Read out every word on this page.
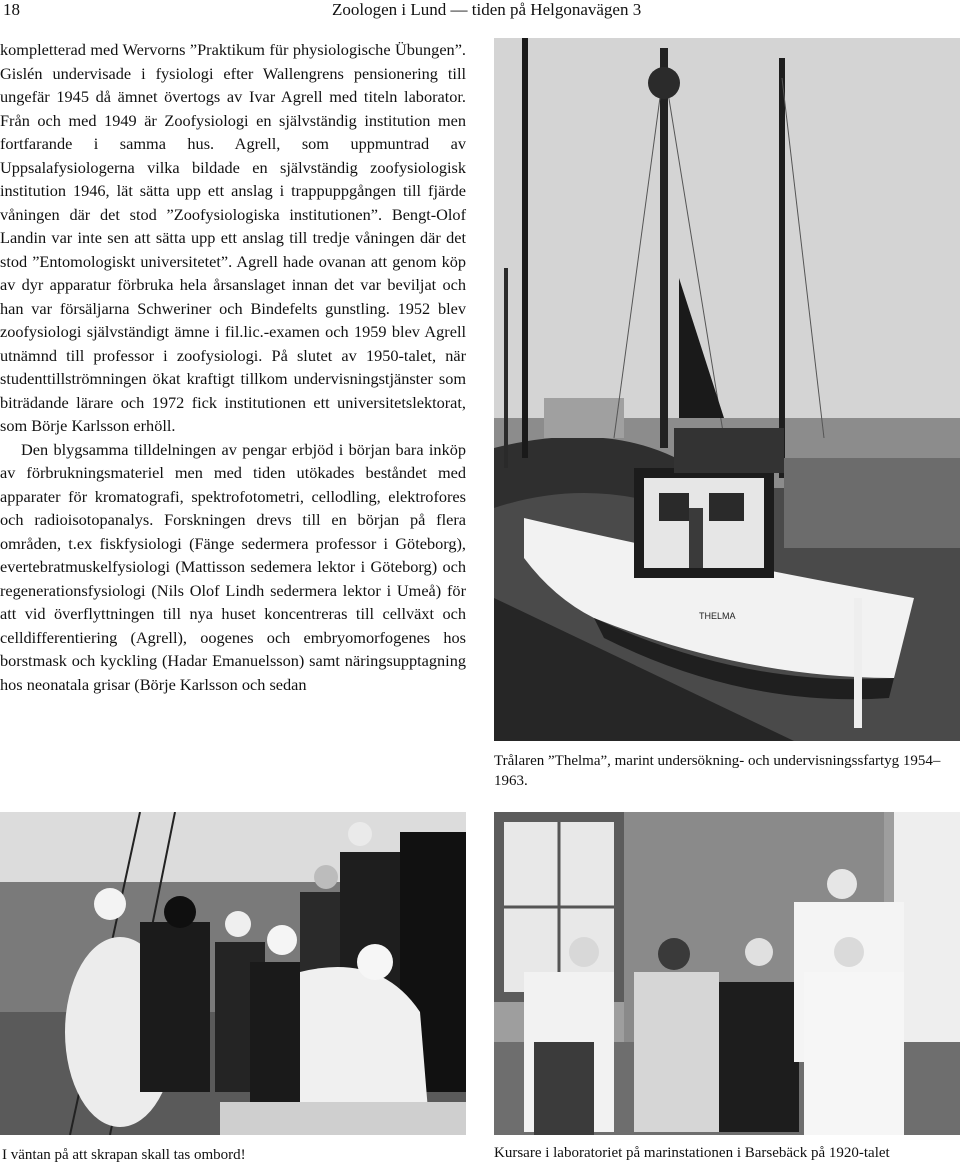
18	Zoologen i Lund — tiden på Helgonavägen 3

kompletterad med Wervorns ”Praktikum für physiologische Übungen”. Gislén undervisade i fysiologi efter Wallengrens pensionering till ungefär 1945 då ämnet övertogs av Ivar Agrell med titeln laborator. Från och med 1949 är Zoofysiologi en självständig institution men fortfarande i samma hus. Agrell, som uppmuntrad av Uppsalafysiologerna vilka bildade en självständig zoofysiologisk institution 1946, lät sätta upp ett anslag i trappuppgången till fjärde våningen där det stod ”Zoofysiologiska institutionen”. Bengt-Olof Landin var inte sen att sätta upp ett anslag till tredje våningen där det stod ”Entomologiskt universitetet”. Agrell hade ovanan att genom köp av dyr apparatur förbruka hela årsanslaget innan det var beviljat och han var försäljarna Schweriner och Bindefelts gunstling. 1952 blev zoofysiologi självständigt ämne i fil.lic.-examen och 1959 blev Agrell utnämnd till professor i zoofysiologi. På slutet av 1950-talet, när studenttillströmningen ökat kraftigt tillkom undervisningstjänster som biträdande lärare och 1972 fick institutionen ett universitetslektorat, som Börje Karlsson erhöll.

Den blygsamma tilldelningen av pengar erbjöd i början bara inköp av förbrukningsmateriel men med tiden utökades beståndet med apparater för kromatografi, spektrofotometri, cellodling, elektrofores och radioisotopanalys. Forskningen drevs till en början på flera områden, t.ex fiskfysiologi (Fänge sedermera professor i Göteborg), evertebratmuskelfysiologi (Mattisson sedemera lektor i Göteborg) och regenerationsfysiologi (Nils Olof Lindh sedermera lektor i Umeå) för att vid överflyttningen till nya huset koncentreras till cellväxt och celldifferentiering (Agrell), oogenes och embryomorfogenes hos borstmask och kyckling (Hadar Emanuelsson) samt näringsupptagning hos neonatala grisar (Börje Karlsson och sedan

THELMA
Trålaren ”Thelma”, marint undersökning- och undervisningssfartyg 1954–1963.
I väntan på att skrapan skall tas ombord!	Kursare i laboratoriet på marinstationen i Barsebäck på 1920-talet
